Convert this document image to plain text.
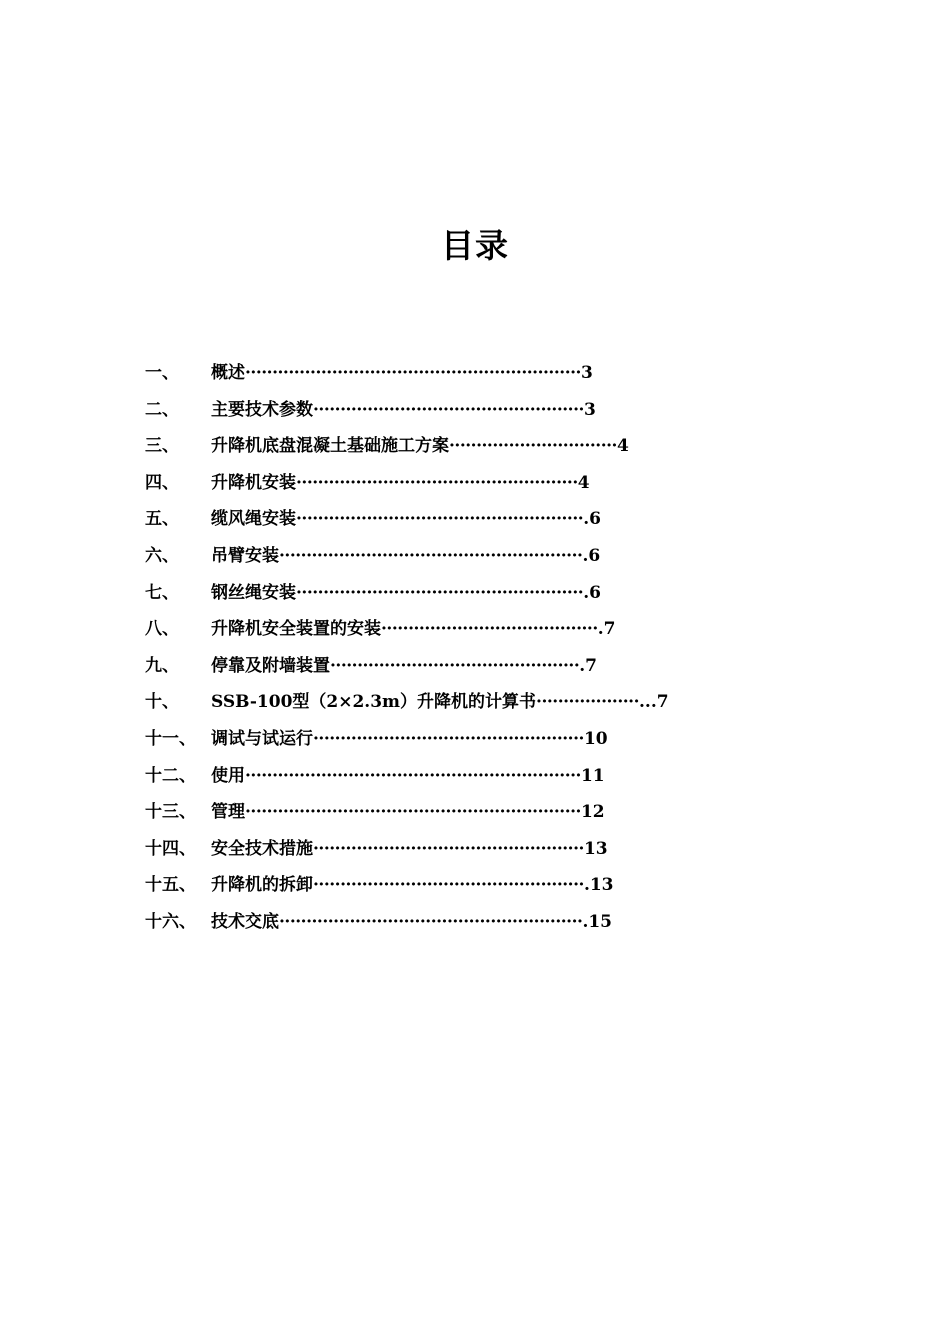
目录
一、 概述······························································3
二、 主要技术参数··················································3
三、 升降机底盘混凝土基础施工方案·······························4
四、 升降机安装····················································4
五、 缆风绳安装·····················································.6
六、 吊臂安装························································.6
七、 钢丝绳安装·····················································.6
八、 升降机安全装置的安装········································.7
九、 停靠及附墙装置··············································.7
十、 SSB-100型（2×2.3m）升降机的计算书···················...7
十一、 调试与试运行··················································10
十二、 使用······························································11
十三、 管理······························································12
十四、 安全技术措施··················································13
十五、 升降机的拆卸··················································.13
十六、 技术交底························································.15
